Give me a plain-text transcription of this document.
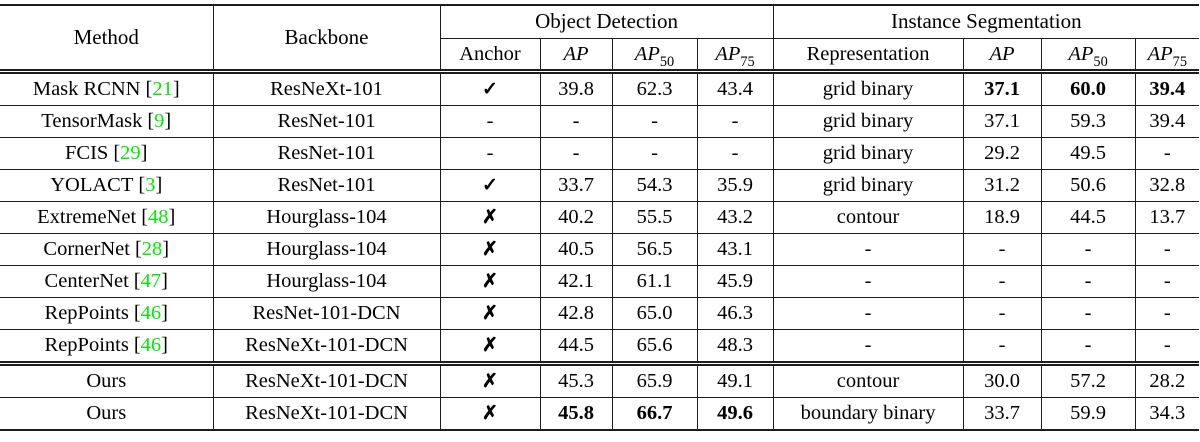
Method	Backbone	Object Detection				Instance Segmentation			
		Anchor	AP	$AP_{50}$	$AP_{75}$	Representation	AP	$AP_{50}$	$AP_{75}$
Mask RCNN [21]	ResNeXt-101	✓	39.8	62.3	43.4	grid binary	37.1	60.0	39.4
TensorMask [9]	ResNet-101	-	-	-	-	grid binary	37.1	59.3	39.4
FCIS [29]	ResNet-101	-	-	-	-	grid binary	29.2	49.5	-
YOLACT [3]	ResNet-101	✓	33.7	54.3	35.9	grid binary	31.2	50.6	32.8
ExtremeNet [48]	Hourglass-104	✗	40.2	55.5	43.2	contour	18.9	44.5	13.7
CornerNet [28]	Hourglass-104	✗	40.5	56.5	43.1	-	-	-	-
CenterNet [47]	Hourglass-104	✗	42.1	61.1	45.9	-	-	-	-
RepPoints [46]	ResNet-101-DCN	✗	42.8	65.0	46.3	-	-	-	-
RepPoints [46]	ResNeXt-101-DCN	✗	44.5	65.6	48.3	-	-	-	-
Ours	ResNeXt-101-DCN	✗	45.3	65.9	49.1	contour	30.0	57.2	28.2
Ours	ResNeXt-101-DCN	✗	45.8	66.7	49.6	boundary binary	33.7	59.9	34.3
